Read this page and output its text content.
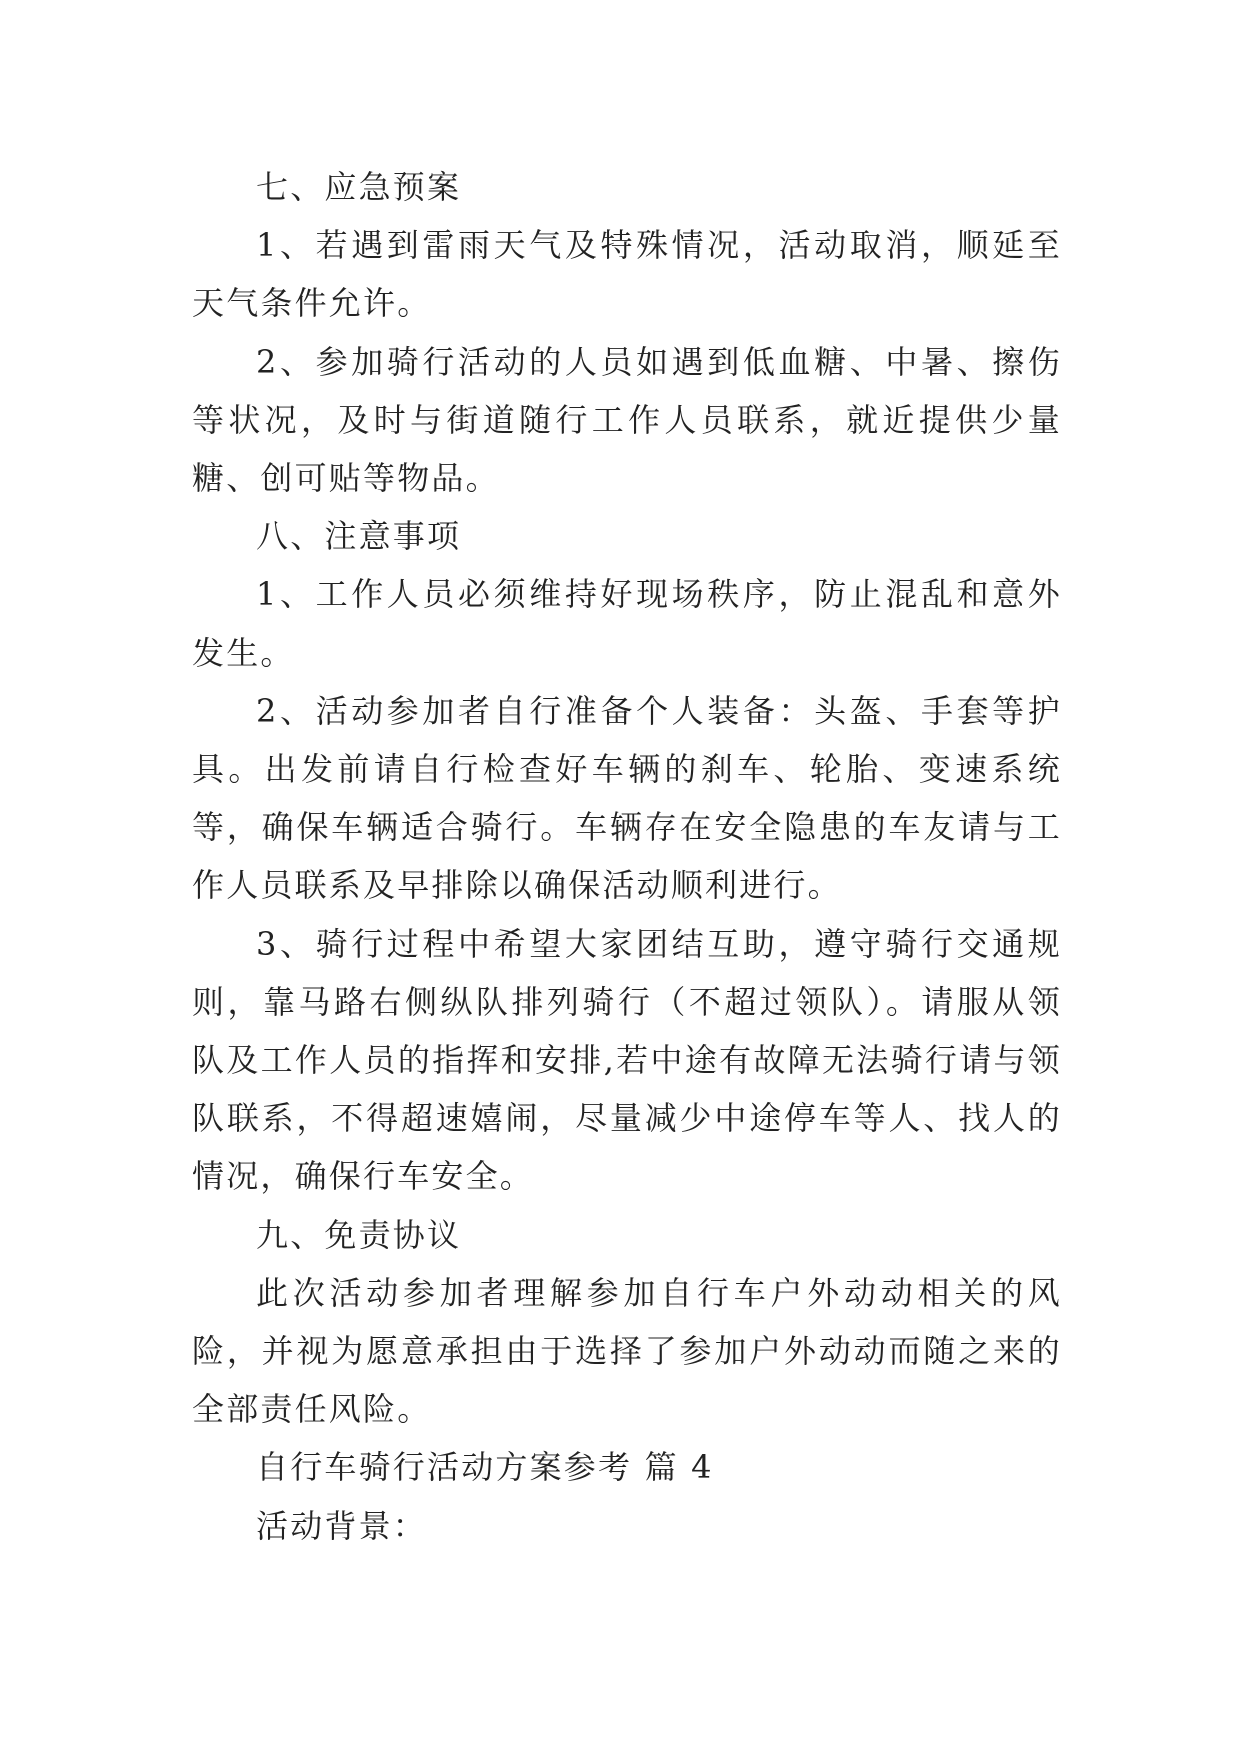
七、应急预案

1、若遇到雷雨天气及特殊情况，活动取消，顺延至天气条件允许。

2、参加骑行活动的人员如遇到低血糖、中暑、擦伤等状况，及时与街道随行工作人员联系，就近提供少量糖、创可贴等物品。

八、注意事项

1、工作人员必须维持好现场秩序，防止混乱和意外发生。

2、活动参加者自行准备个人装备：头盔、手套等护具。出发前请自行检查好车辆的刹车、轮胎、变速系统等，确保车辆适合骑行。车辆存在安全隐患的车友请与工作人员联系及早排除以确保活动顺利进行。

3、骑行过程中希望大家团结互助，遵守骑行交通规则，靠马路右侧纵队排列骑行（不超过领队）。请服从领队及工作人员的指挥和安排,若中途有故障无法骑行请与领队联系，不得超速嬉闹，尽量减少中途停车等人、找人的情况，确保行车安全。

九、免责协议

此次活动参加者理解参加自行车户外动动相关的风险，并视为愿意承担由于选择了参加户外动动而随之来的全部责任风险。

自行车骑行活动方案参考 篇 4

活动背景：
